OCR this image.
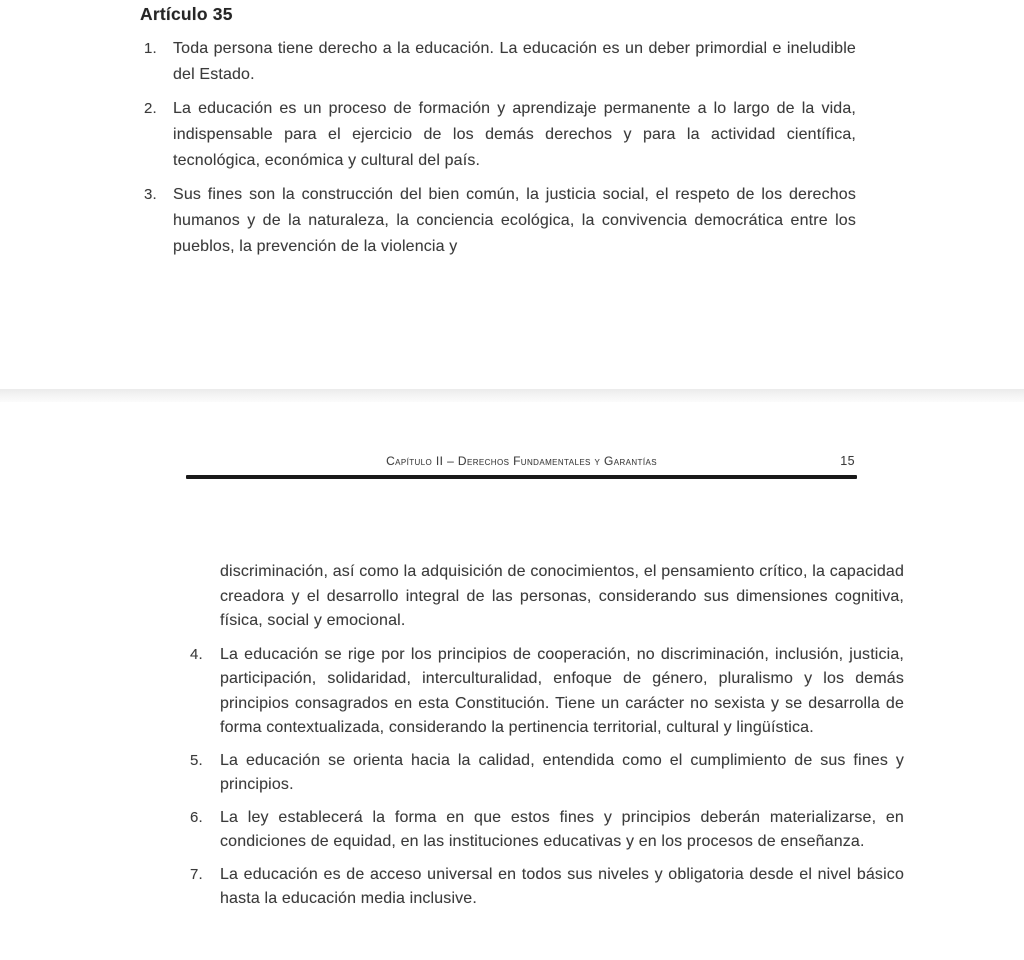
Artículo 35
1.	Toda persona tiene derecho a la educación. La educación es un deber primordial e ineludible del Estado.
2.	La educación es un proceso de formación y aprendizaje permanente a lo largo de la vida, indispensable para el ejercicio de los demás derechos y para la actividad científica, tecnológica, económica y cultural del país.
3.	Sus fines son la construcción del bien común, la justicia social, el respeto de los derechos humanos y de la naturaleza, la conciencia ecológica, la convivencia democrática entre los pueblos, la prevención de la violencia y
Capítulo II – Derechos Fundamentales y Garantías	15

discriminación, así como la adquisición de conocimientos, el pensamiento crítico, la capacidad creadora y el desarrollo integral de las personas, considerando sus dimensiones cognitiva, física, social y emocional.

4.	La educación se rige por los principios de cooperación, no discriminación, inclusión, justicia, participación, solidaridad, interculturalidad, enfoque de género, pluralismo y los demás principios consagrados en esta Constitución. Tiene un carácter no sexista y se desarrolla de forma contextualizada, considerando la pertinencia territorial, cultural y lingüística.
5.	La educación se orienta hacia la calidad, entendida como el cumplimiento de sus fines y principios.
6.	La ley establecerá la forma en que estos fines y principios deberán materializarse, en condiciones de equidad, en las instituciones educativas y en los procesos de enseñanza.
7.	La educación es de acceso universal en todos sus niveles y obligatoria desde el nivel básico hasta la educación media inclusive.
